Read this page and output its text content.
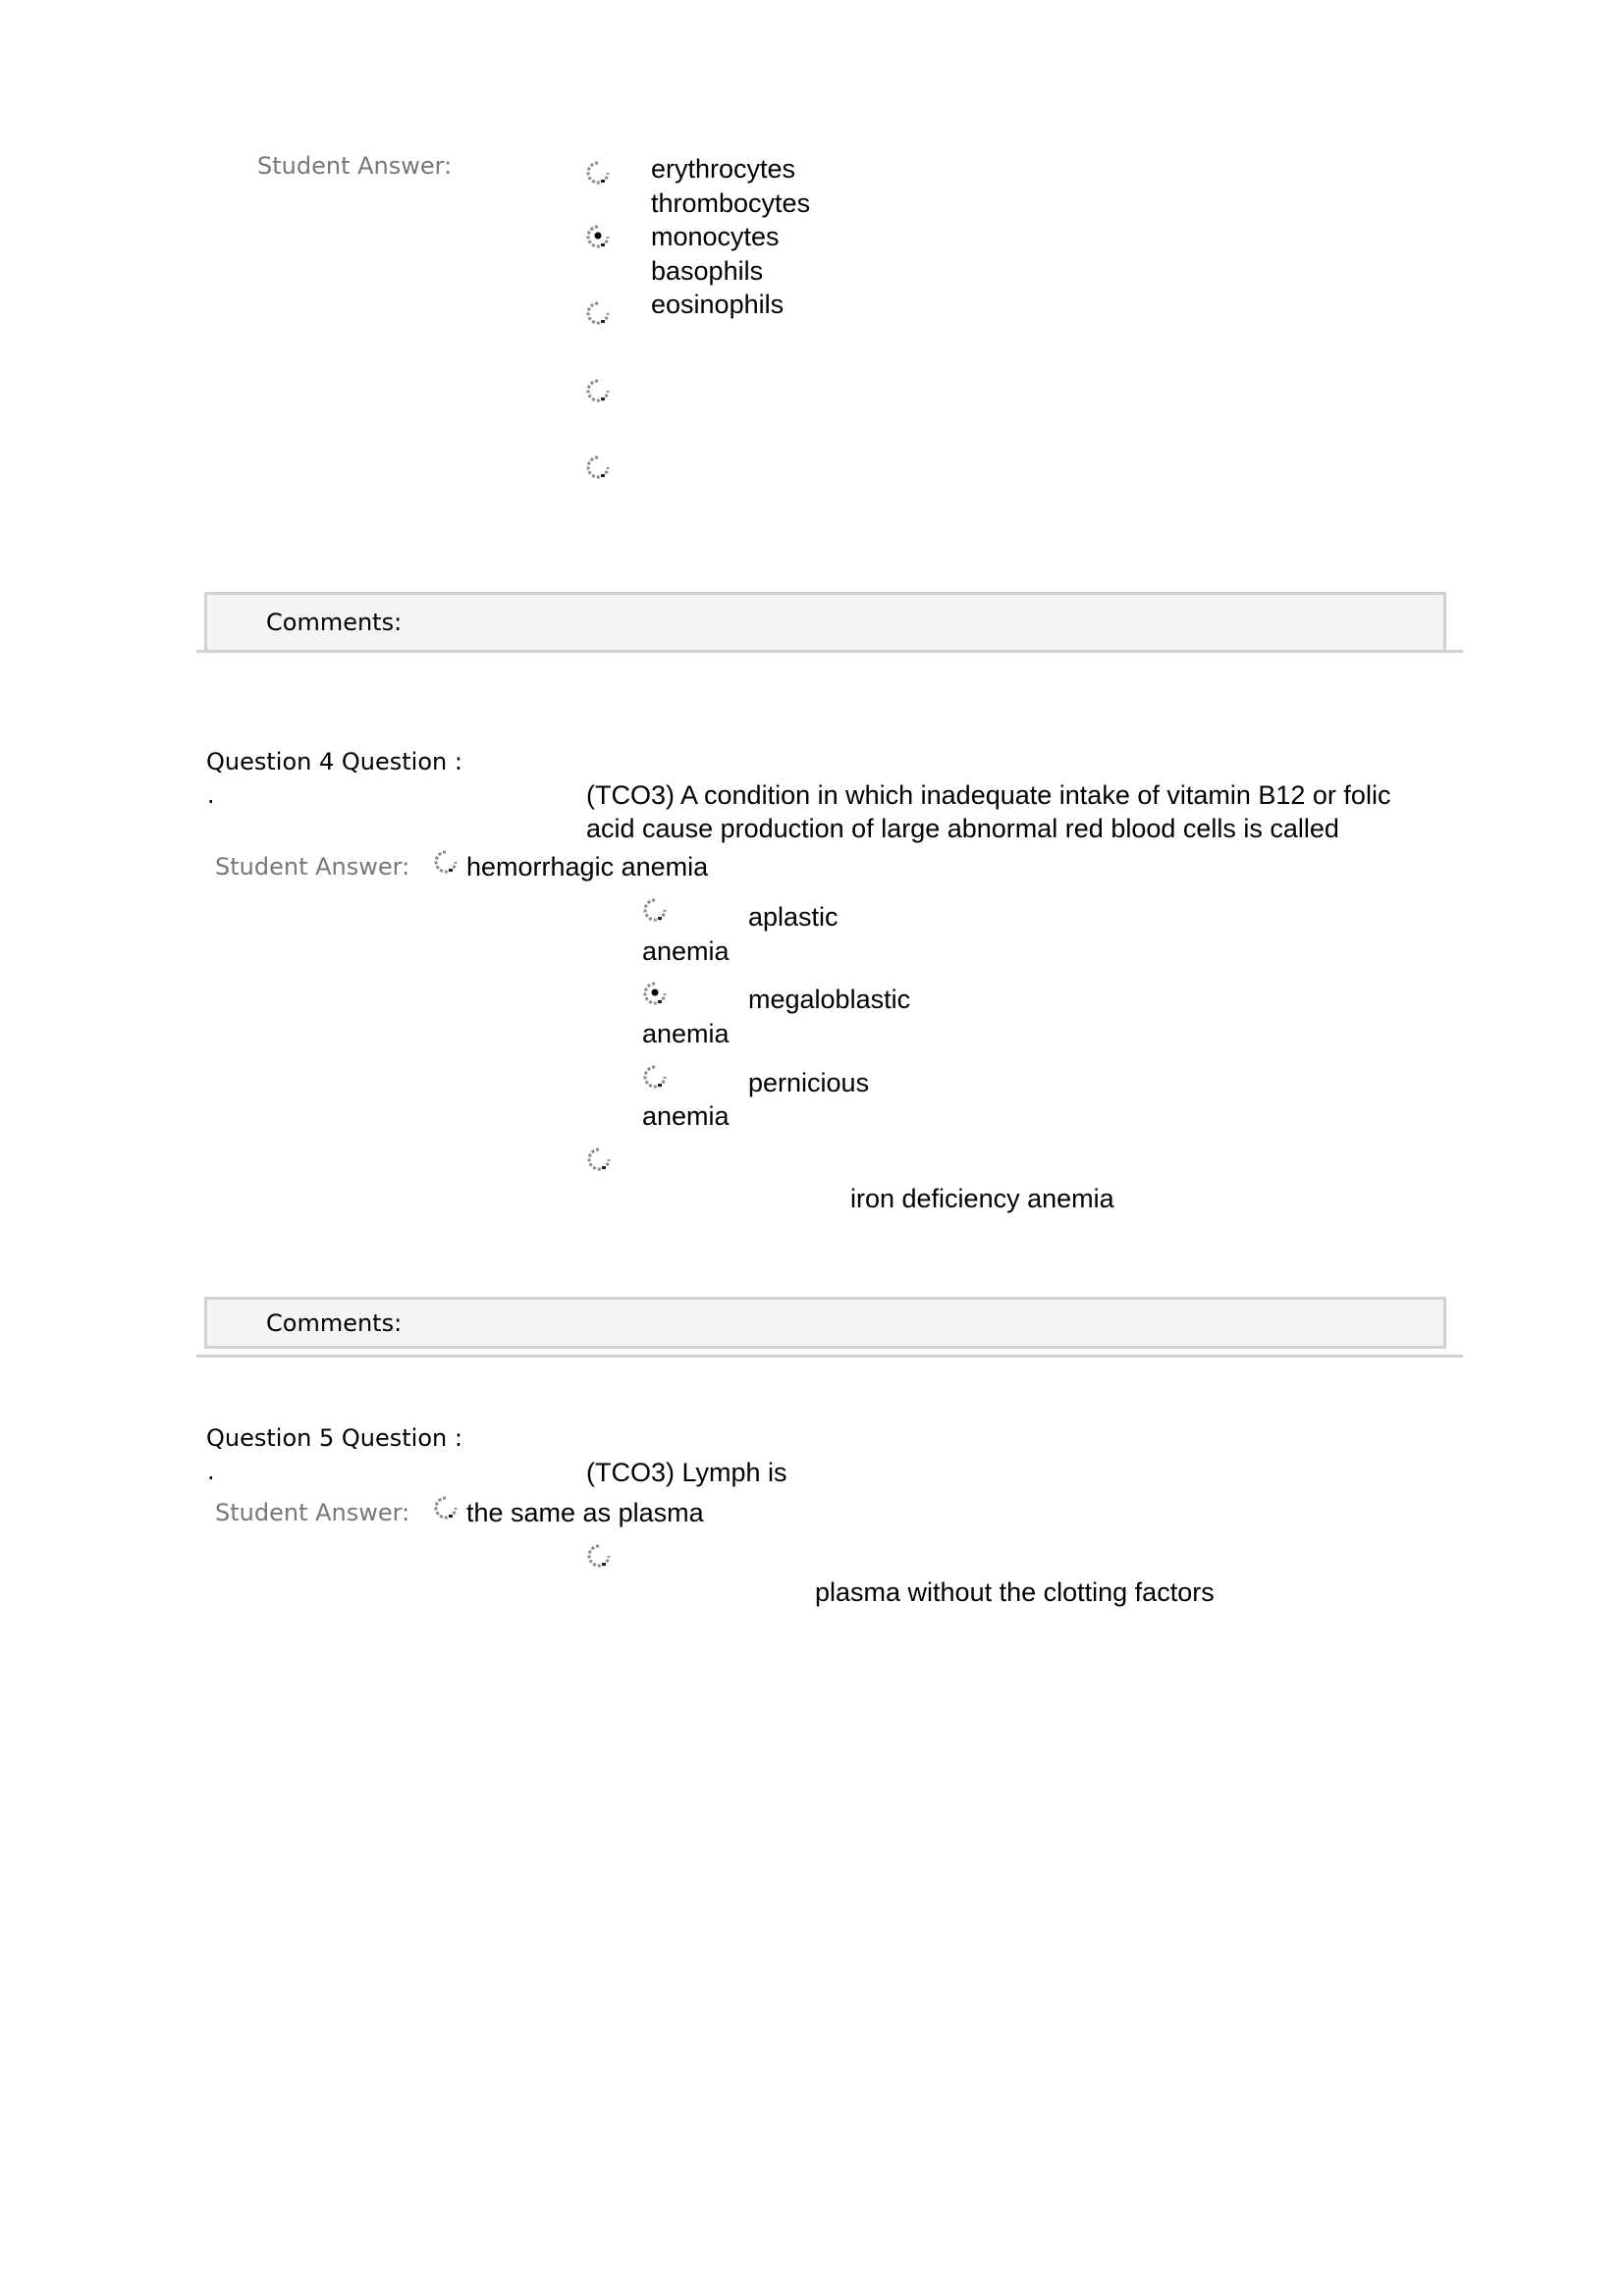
Student Answer:	erythrocytes
thrombocytes
monocytes
basophils
eosinophils
Comments:
Question 4 Question :
.	(TCO3) A condition in which inadequate intake of vitamin B12 or folic
acid cause production of large abnormal red blood cells is called
Student Answer: hemorrhagic anemia
aplastic
anemia
megaloblastic
anemia
pernicious
anemia
iron deficiency anemia
Comments:
Question 5 Question :
.	(TCO3) Lymph is
Student Answer: the same as plasma
plasma without the clotting factors
